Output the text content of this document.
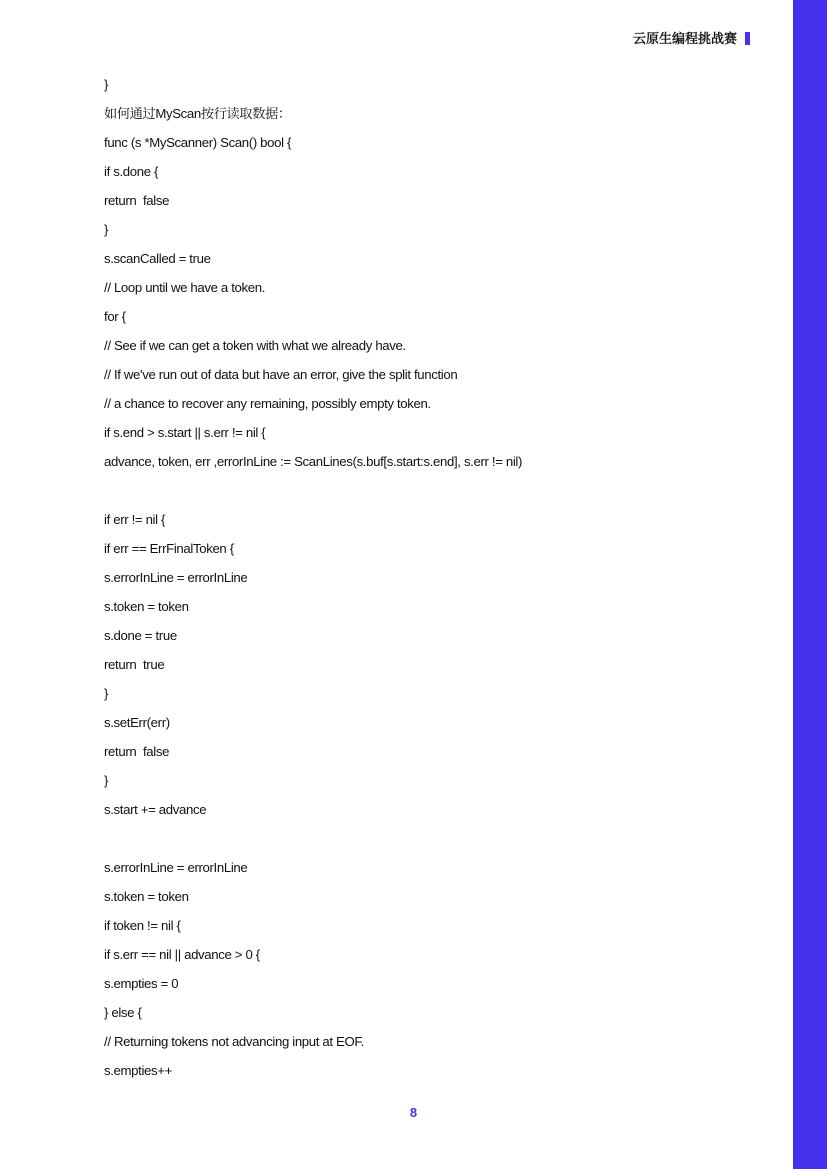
云原生编程挑战赛
}
如何通过MyScan按行读取数据：
func (s *MyScanner) Scan() bool {
if s.done {
return  false
}
s.scanCalled = true
// Loop until we have a token.
for {
// See if we can get a token with what we already have.
// If we've run out of data but have an error, give the split function
// a chance to recover any remaining, possibly empty token.
if s.end > s.start || s.err != nil {
advance, token, err ,errorInLine := ScanLines(s.buf[s.start:s.end], s.err != nil)
if err != nil {
if err == ErrFinalToken {
s.errorInLine = errorInLine
s.token = token
s.done = true
return  true
}
s.setErr(err)
return  false
}
s.start += advance
s.errorInLine = errorInLine
s.token = token
if token != nil {
if s.err == nil || advance > 0 {
s.empties = 0
} else {
// Returning tokens not advancing input at EOF.
s.empties++
8
